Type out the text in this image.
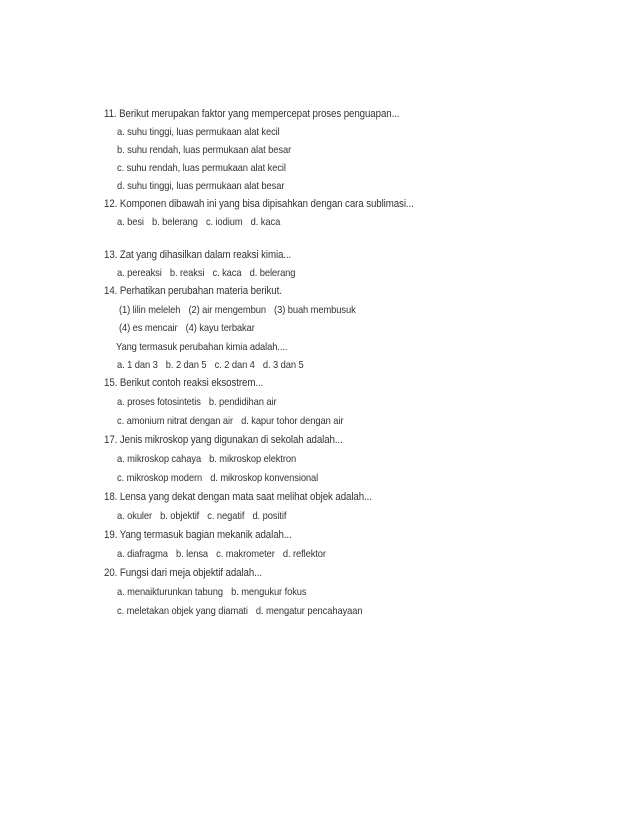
11. Berikut merupakan faktor yang mempercepat proses penguapan...
a. suhu tinggi, luas permukaan alat kecil
b. suhu rendah, luas permukaan alat besar
c. suhu rendah, luas permukaan alat kecil
d. suhu tinggi, luas permukaan alat besar
12. Komponen dibawah ini yang bisa dipisahkan dengan cara sublimasi...
a. besi b. belerang c. iodium d. kaca
13. Zat yang dihasilkan dalam reaksi kimia...
a. pereaksi b. reaksi c. kaca d. belerang
14. Perhatikan perubahan materia berikut.
(1) lilin meleleh (2) air mengembun (3) buah membusuk
(4) es mencair (4) kayu terbakar
Yang termasuk perubahan kimia adalah....
a. 1 dan 3 b. 2 dan 5 c. 2 dan 4 d. 3 dan 5
15. Berikut contoh reaksi eksostrem...
a. proses fotosintetis b. pendidihan air
c. amonium nitrat dengan air d. kapur tohor dengan air
17. Jenis mikroskop yang digunakan di sekolah adalah...
a. mikroskop cahaya b. mikroskop elektron
c. mikroskop modern d. mikroskop konvensional
18. Lensa yang dekat dengan mata saat melihat objek adalah...
a. okuler b. objektif c. negatif d. positif
19. Yang termasuk bagian mekanik adalah...
a. diafragma b. lensa c. makrometer d. reflektor
20. Fungsi dari meja objektif adalah...
a. menaikturunkan tabung b. mengukur fokus
c. meletakan objek yang diamati d. mengatur pencahayaan
